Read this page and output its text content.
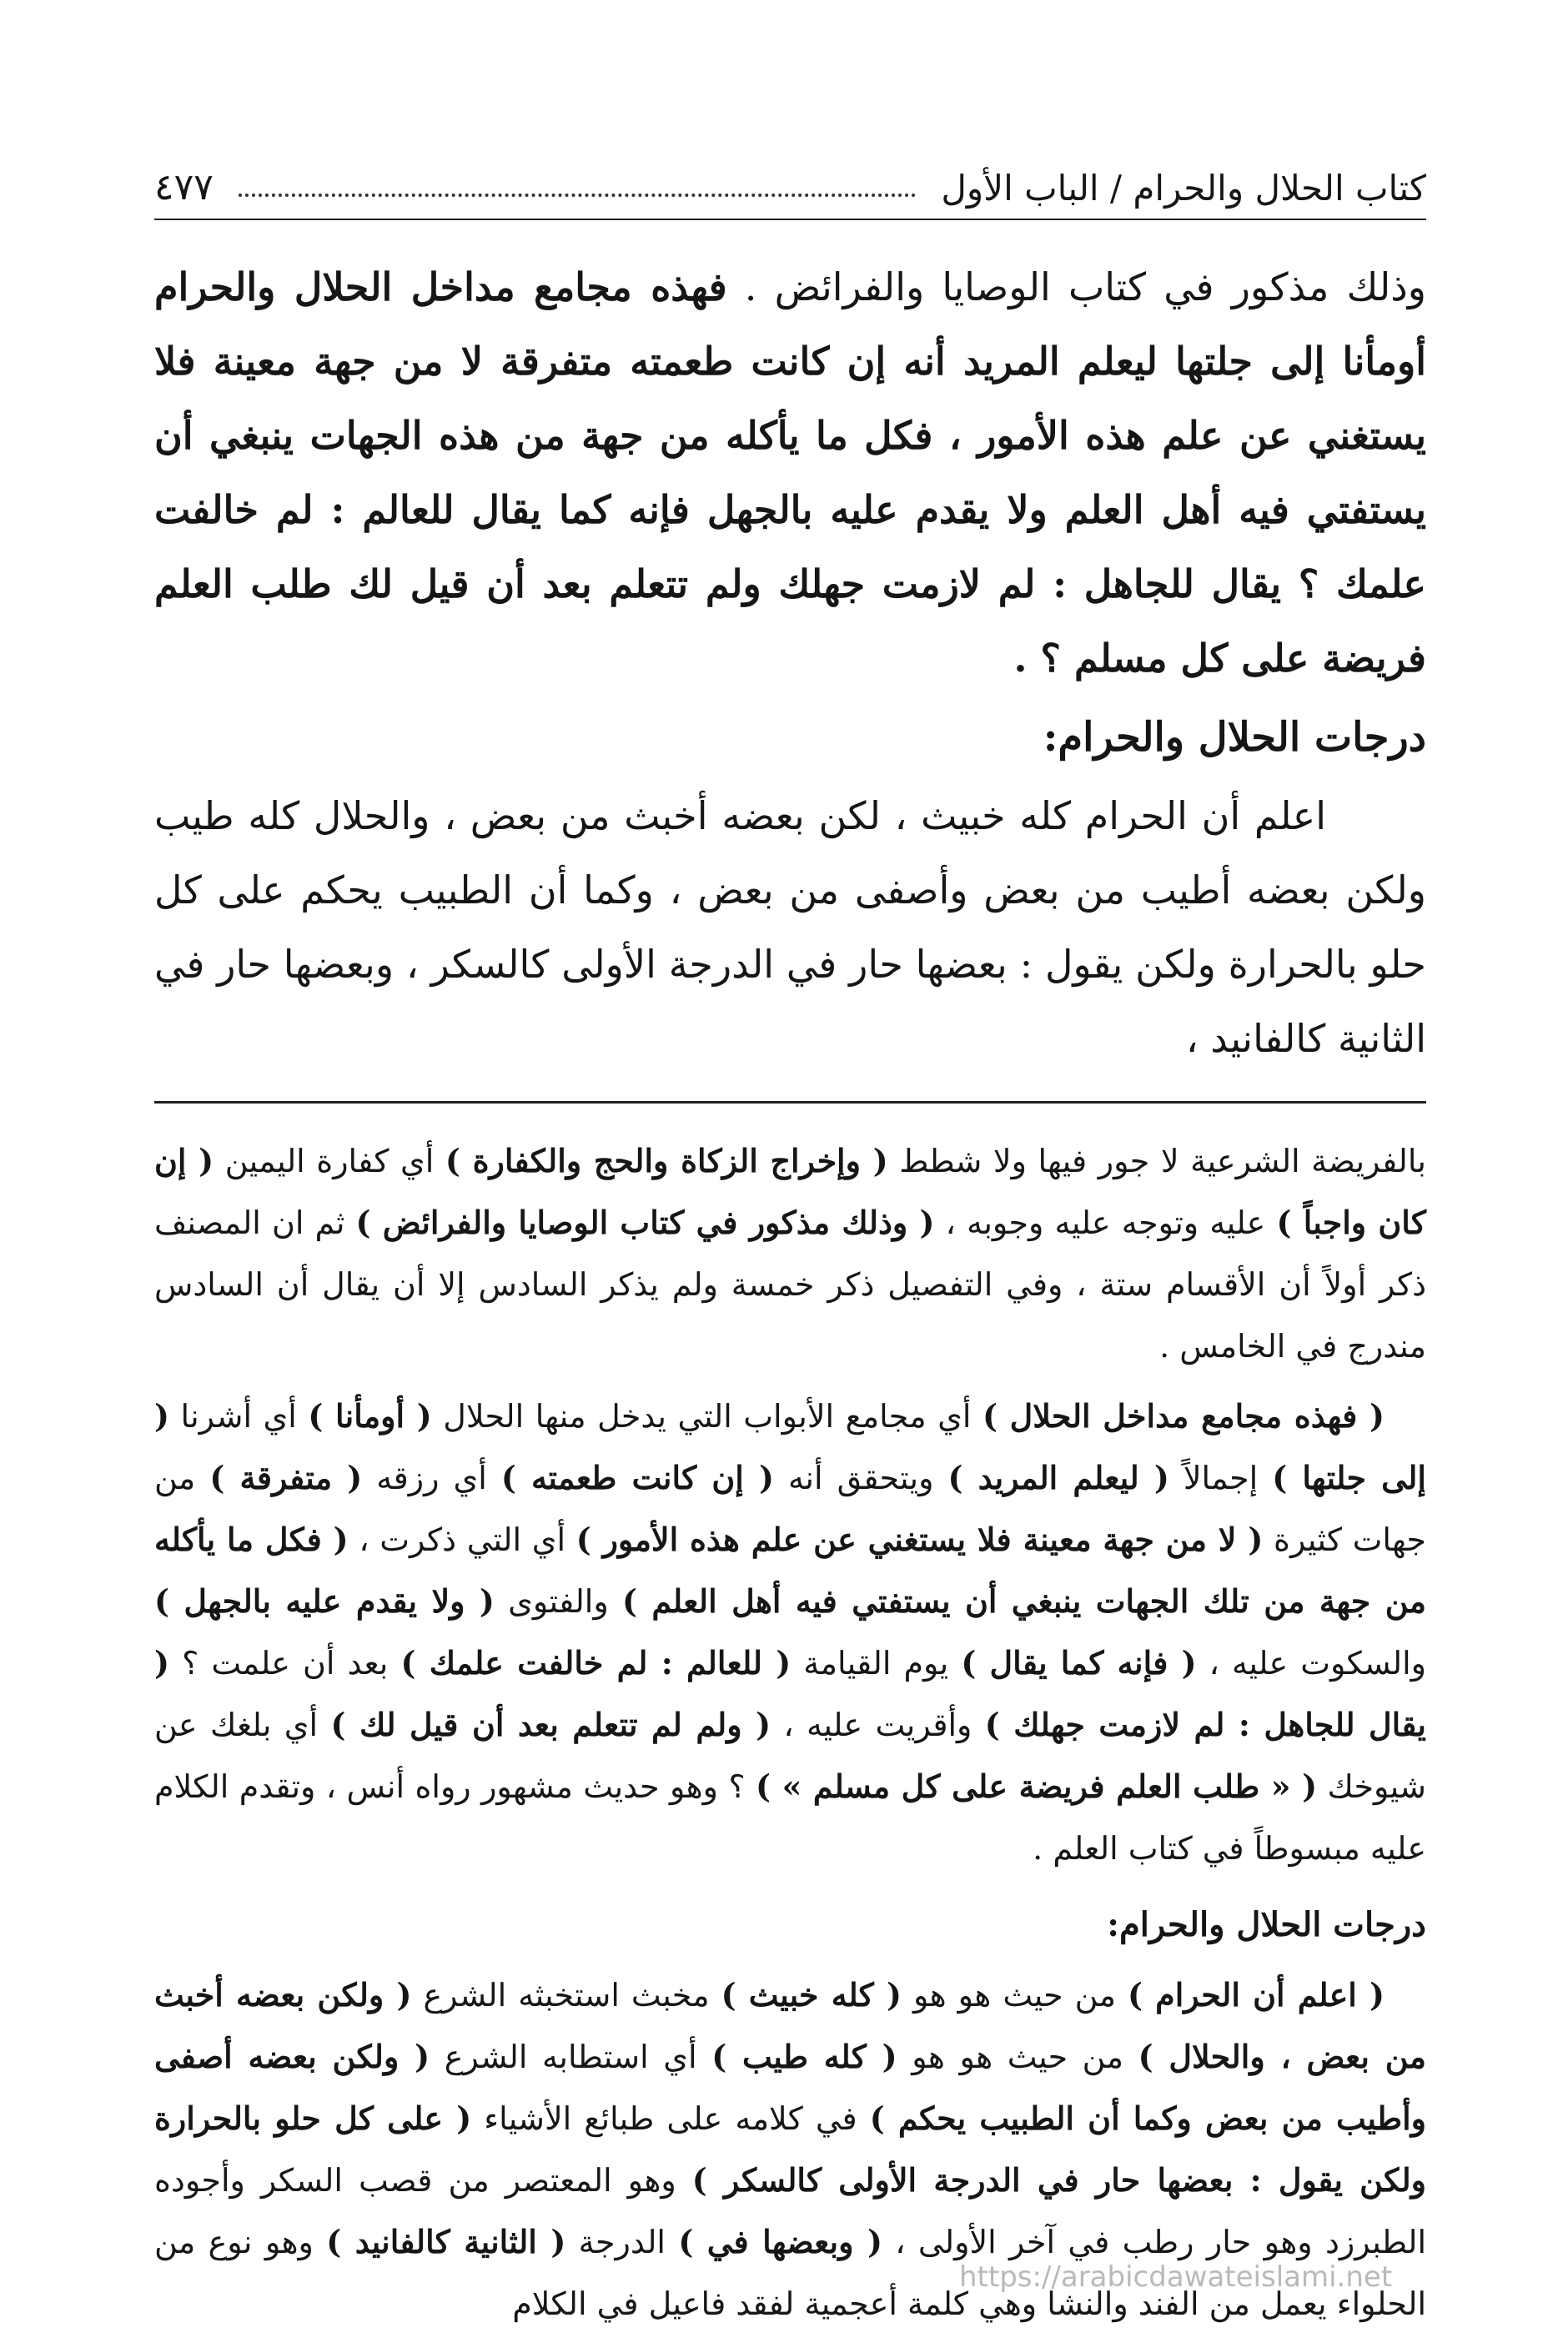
كتاب الحلال والحرام / الباب الأول
٤٧٧

وذلك مذكور في كتاب الوصايا والفرائض . فهذه مجامع مداخل الحلال والحرام أومأنا إلى جلتها ليعلم المريد أنه إن كانت طعمته متفرقة لا من جهة معينة فلا يستغني عن علم هذه الأمور ، فكل ما يأكله من جهة من هذه الجهات ينبغي أن يستفتي فيه أهل العلم ولا يقدم عليه بالجهل فإنه كما يقال للعالم : لم خالفت علمك ؟ يقال للجاهل : لم لازمت جهلك ولم تتعلم بعد أن قيل لك طلب العلم فريضة على كل مسلم ؟ .

درجات الحلال والحرام:

اعلم أن الحرام كله خبيث ، لكن بعضه أخبث من بعض ، والحلال كله طيب ولكن بعضه أطيب من بعض وأصفى من بعض ، وكما أن الطبيب يحكم على كل حلو بالحرارة ولكن يقول : بعضها حار في الدرجة الأولى كالسكر ، وبعضها حار في الثانية كالفانيد ،

بالفريضة الشرعية لا جور فيها ولا شطط ( وإخراج الزكاة والحج والكفارة ) أي كفارة اليمين ( إن كان واجباً ) عليه وتوجه عليه وجوبه ، ( وذلك مذكور في كتاب الوصايا والفرائض ) ثم ان المصنف ذكر أولاً أن الأقسام ستة ، وفي التفصيل ذكر خمسة ولم يذكر السادس إلا أن يقال أن السادس مندرج في الخامس .

( فهذه مجامع مداخل الحلال ) أي مجامع الأبواب التي يدخل منها الحلال ( أومأنا ) أي أشرنا ( إلى جلتها ) إجمالاً ( ليعلم المريد ) ويتحقق أنه ( إن كانت طعمته ) أي رزقه ( متفرقة ) من جهات كثيرة ( لا من جهة معينة فلا يستغني عن علم هذه الأمور ) أي التي ذكرت ، ( فكل ما يأكله من جهة من تلك الجهات ينبغي أن يستفتي فيه أهل العلم ) والفتوى ( ولا يقدم عليه بالجهل ) والسكوت عليه ، ( فإنه كما يقال ) يوم القيامة ( للعالم : لم خالفت علمك ) بعد أن علمت ؟ ( يقال للجاهل : لم لازمت جهلك ) وأقريت عليه ، ( ولم لم تتعلم بعد أن قيل لك ) أي بلغك عن شيوخك ( « طلب العلم فريضة على كل مسلم » ) ؟ وهو حديث مشهور رواه أنس ، وتقدم الكلام عليه مبسوطاً في كتاب العلم .

درجات الحلال والحرام:

( اعلم أن الحرام ) من حيث هو هو ( كله خبيث ) مخبث استخبثه الشرع ( ولكن بعضه أخبث من بعض ، والحلال ) من حيث هو هو ( كله طيب ) أي استطابه الشرع ( ولكن بعضه أصفى وأطيب من بعض وكما أن الطبيب يحكم ) في كلامه على طبائع الأشياء ( على كل حلو بالحرارة ولكن يقول : بعضها حار في الدرجة الأولى كالسكر ) وهو المعتصر من قصب السكر وأجوده الطبرزد وهو حار رطب في آخر الأولى ، ( وبعضها في ) الدرجة ( الثانية كالفانيد ) وهو نوع من الحلواء يعمل من الفند والنشا وهي كلمة أعجمية لفقد فاعيل في الكلام

https://arabicdawateislami.net
